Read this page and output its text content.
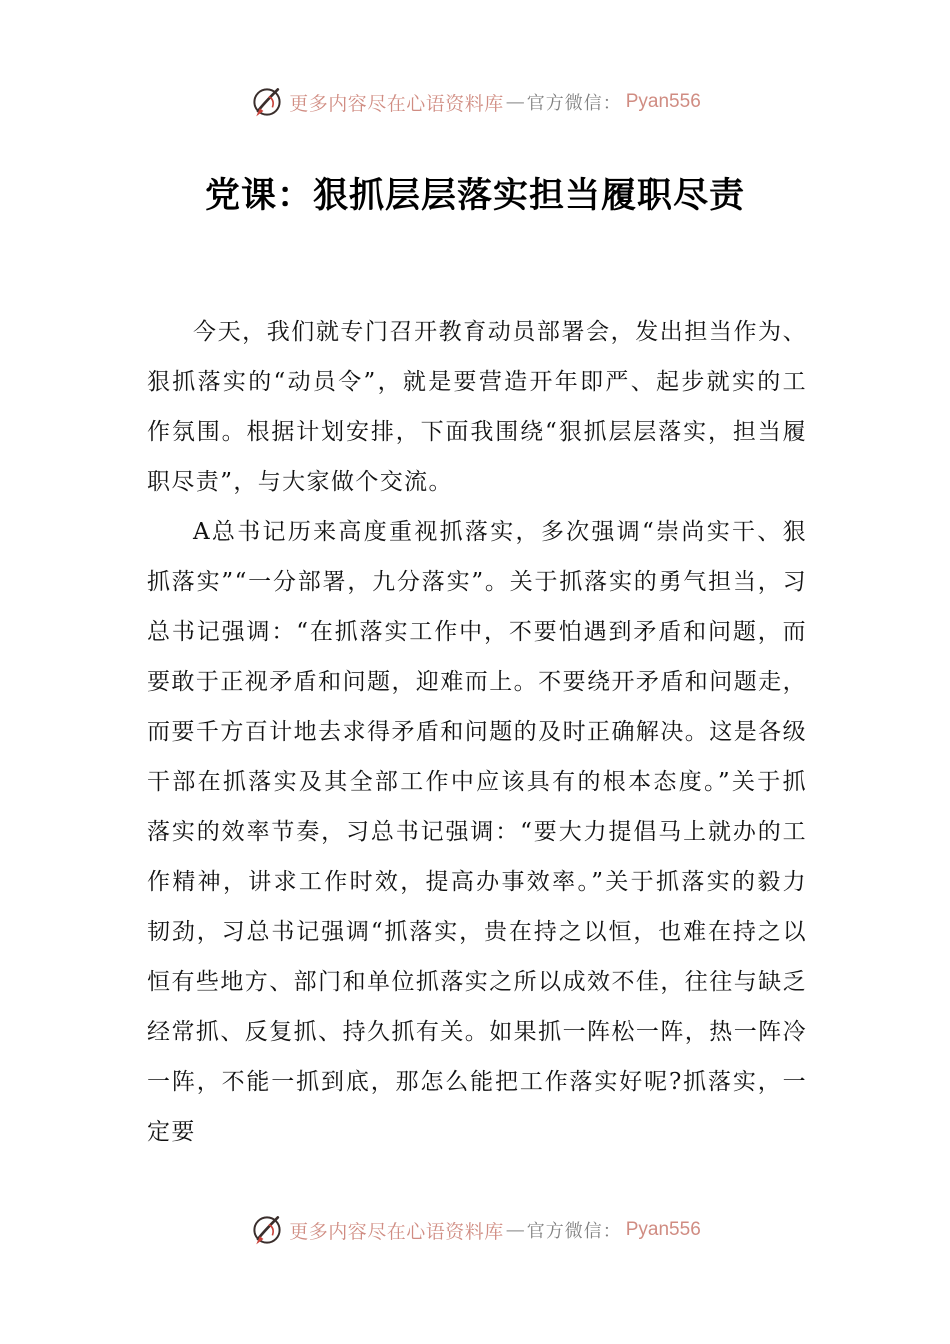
更多内容尽在心语资料库 — 官方微信： Pyan556
党课：狠抓层层落实担当履职尽责

今天，我们就专门召开教育动员部署会，发出担当作为、狠抓落实的“动员令”，就是要营造开年即严、起步就实的工作氛围。根据计划安排，下面我围绕“狠抓层层落实，担当履职尽责”，与大家做个交流。

A总书记历来高度重视抓落实，多次强调“崇尚实干、狠抓落实”“一分部署，九分落实”。关于抓落实的勇气担当，习总书记强调：“在抓落实工作中，不要怕遇到矛盾和问题，而要敢于正视矛盾和问题，迎难而上。不要绕开矛盾和问题走，而要千方百计地去求得矛盾和问题的及时正确解决。这是各级干部在抓落实及其全部工作中应该具有的根本态度。”关于抓落实的效率节奏，习总书记强调：“要大力提倡马上就办的工作精神，讲求工作时效，提高办事效率。”关于抓落实的毅力韧劲，习总书记强调“抓落实，贵在持之以恒，也难在持之以恒有些地方、部门和单位抓落实之所以成效不佳，往往与缺乏经常抓、反复抓、持久抓有关。如果抓一阵松一阵，热一阵冷一阵，不能一抓到底，那怎么能把工作落实好呢?抓落实，一定要

更多内容尽在心语资料库 — 官方微信： Pyan556
